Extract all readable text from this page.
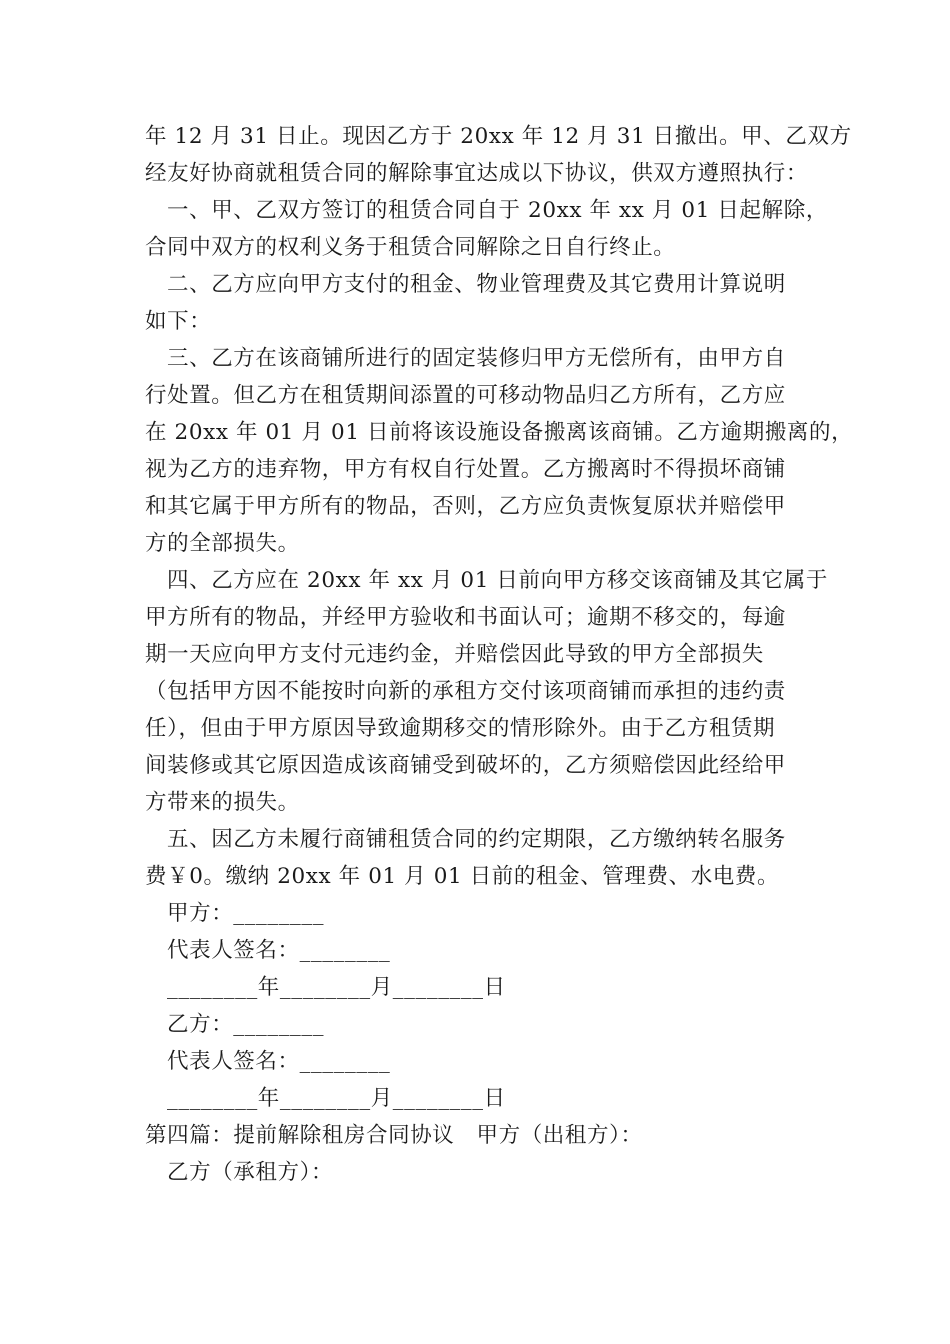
年 12 月 31 日止。现因乙方于 20xx 年 12 月 31 日撤出。甲、乙双方
经友好协商就租赁合同的解除事宜达成以下协议，供双方遵照执行：
一、甲、乙双方签订的租赁合同自于 20xx 年 xx 月 01 日起解除，
合同中双方的权利义务于租赁合同解除之日自行终止。
二、乙方应向甲方支付的租金、物业管理费及其它费用计算说明
如下：
三、乙方在该商铺所进行的固定装修归甲方无偿所有，由甲方自
行处置。但乙方在租赁期间添置的可移动物品归乙方所有，乙方应
在 20xx 年 01 月 01 日前将该设施设备搬离该商铺。乙方逾期搬离的，
视为乙方的违弃物，甲方有权自行处置。乙方搬离时不得损坏商铺
和其它属于甲方所有的物品，否则，乙方应负责恢复原状并赔偿甲
方的全部损失。
四、乙方应在 20xx 年 xx 月 01 日前向甲方移交该商铺及其它属于
甲方所有的物品，并经甲方验收和书面认可；逾期不移交的，每逾
期一天应向甲方支付元违约金，并赔偿因此导致的甲方全部损失
（包括甲方因不能按时向新的承租方交付该项商铺而承担的违约责
任），但由于甲方原因导致逾期移交的情形除外。由于乙方租赁期
间装修或其它原因造成该商铺受到破坏的，乙方须赔偿因此经给甲
方带来的损失。
五、因乙方未履行商铺租赁合同的约定期限，乙方缴纳转名服务
费￥0。缴纳 20xx 年 01 月 01 日前的租金、管理费、水电费。
甲方：________
代表人签名：________
________年________月________日
乙方：________
代表人签名：________
________年________月________日
第四篇：提前解除租房合同协议　甲方（出租方）：
乙方（承租方）：
